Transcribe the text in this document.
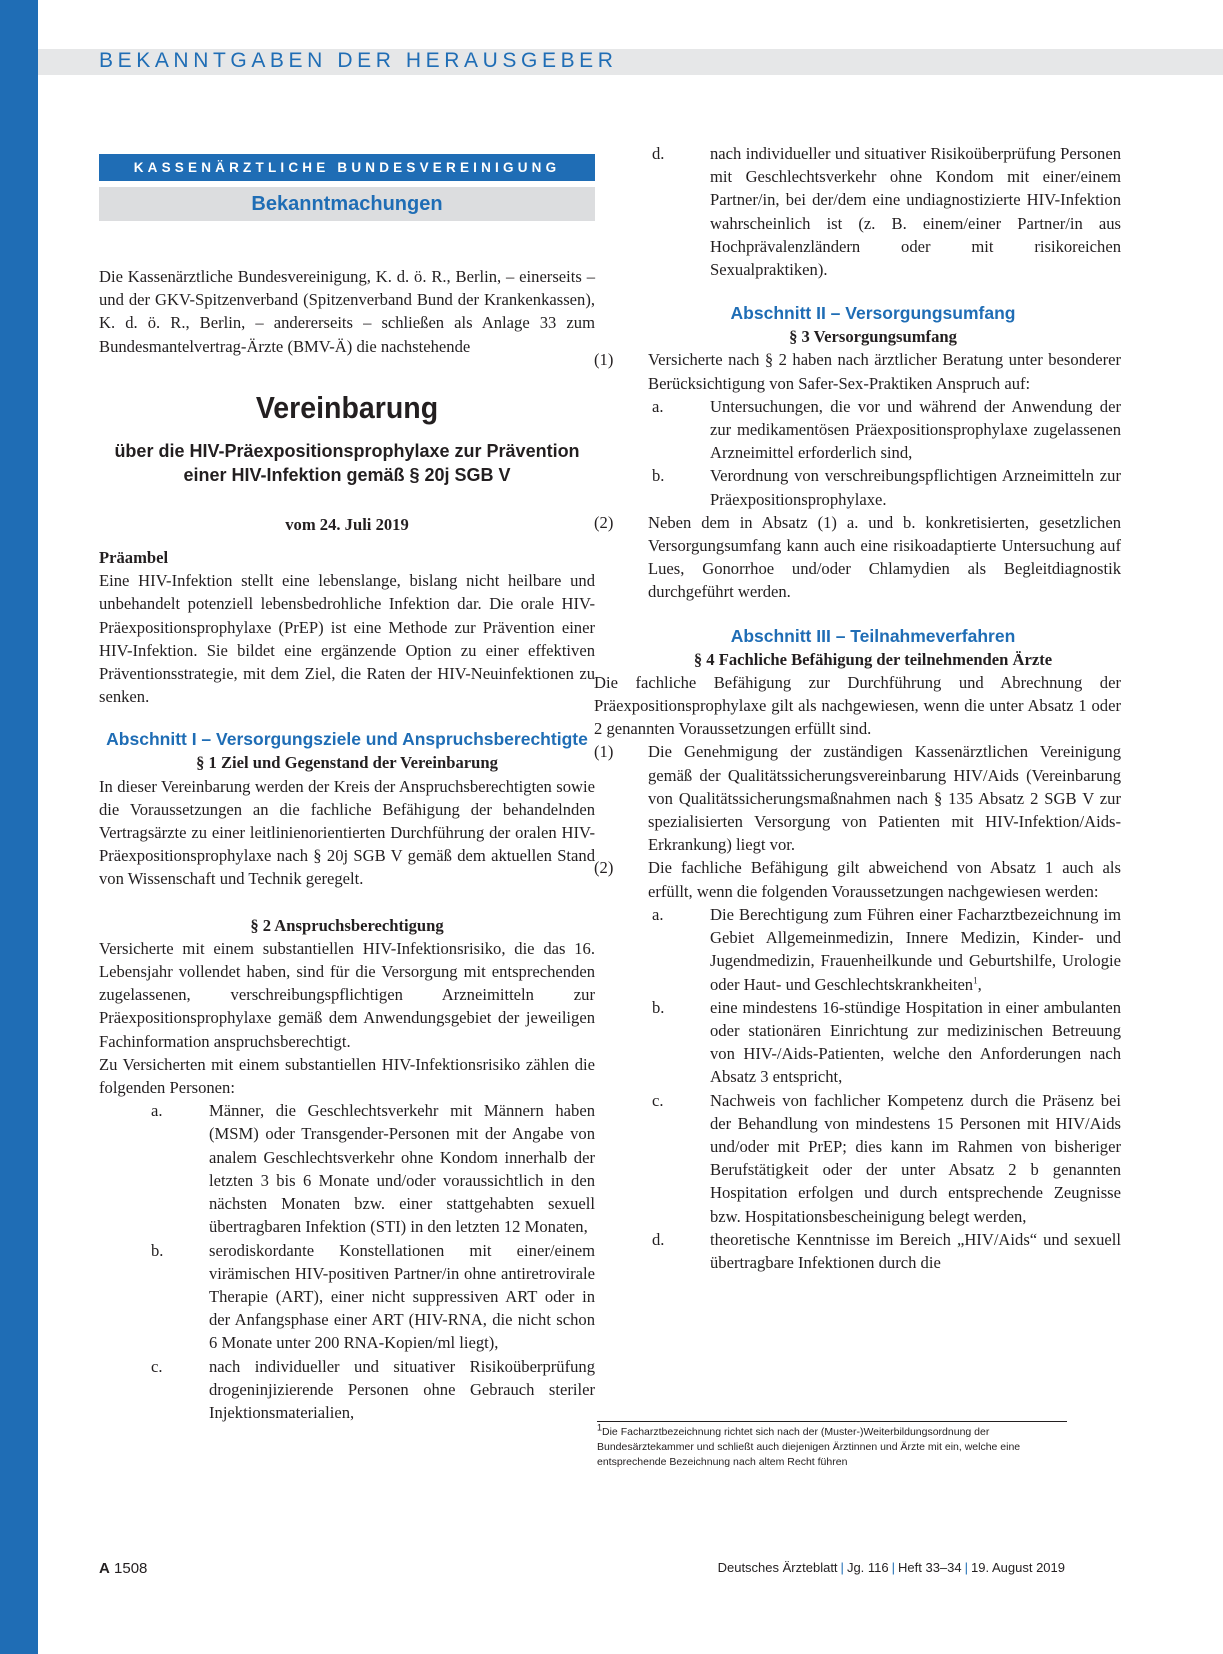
BEKANNTGABEN DER HERAUSGEBER
KASSENÄRZTLICHE BUNDESVEREINIGUNG
Bekanntmachungen

Die Kassenärztliche Bundesvereinigung, K. d. ö. R., Berlin, – einerseits – und der GKV-Spitzenverband (Spitzenverband Bund der Krankenkassen), K. d. ö. R., Berlin, – andererseits – schließen als Anlage 33 zum Bundesmantelvertrag-Ärzte (BMV-Ä) die nachstehende

Vereinbarung
über die HIV-Präexpositionsprophylaxe zur Prävention
einer HIV-Infektion gemäß § 20j SGB V
vom 24. Juli 2019
Präambel

Eine HIV-Infektion stellt eine lebenslange, bislang nicht heilbare und unbehandelt potenziell lebensbedrohliche Infektion dar. Die orale HIV-Präexpositionsprophylaxe (PrEP) ist eine Methode zur Prävention einer HIV-Infektion. Sie bildet eine ergänzende Option zu einer effektiven Präventionsstrategie, mit dem Ziel, die Raten der HIV-Neuinfektionen zu senken.

Abschnitt I – Versorgungsziele und Anspruchsberechtigte
§ 1 Ziel und Gegenstand der Vereinbarung

In dieser Vereinbarung werden der Kreis der Anspruchsberechtigten sowie die Voraussetzungen an die fachliche Befähigung der behandelnden Vertragsärzte zu einer leitlinienorientierten Durchführung der oralen HIV-Präexpositionsprophylaxe nach § 20j SGB V gemäß dem aktuellen Stand von Wissenschaft und Technik geregelt.

§ 2 Anspruchsberechtigung

Versicherte mit einem substantiellen HIV-Infektionsrisiko, die das 16. Lebensjahr vollendet haben, sind für die Versorgung mit entsprechenden zugelassenen, verschreibungspflichtigen Arzneimitteln zur Präexpositionsprophylaxe gemäß dem Anwendungsgebiet der jeweiligen Fachinformation anspruchsberechtigt.

Zu Versicherten mit einem substantiellen HIV-Infektionsrisiko zählen die folgenden Personen:

a.	Männer, die Geschlechtsverkehr mit Männern haben (MSM) oder Transgender-Personen mit der Angabe von analem Geschlechtsverkehr ohne Kondom innerhalb der letzten 3 bis 6 Monate und/oder voraussichtlich in den nächsten Monaten bzw. einer stattgehabten sexuell übertragbaren Infektion (STI) in den letzten 12 Monaten,
b.	serodiskordante Konstellationen mit einer/einem virämischen HIV-positiven Partner/in ohne antiretrovirale Therapie (ART), einer nicht suppressiven ART oder in der Anfangsphase einer ART (HIV-RNA, die nicht schon 6 Monate unter 200 RNA-Kopien/ml liegt),
c.	nach individueller und situativer Risikoüberprüfung drogeninjizierende Personen ohne Gebrauch steriler Injektionsmaterialien,
d.	nach individueller und situativer Risikoüberprüfung Personen mit Geschlechtsverkehr ohne Kondom mit einer/einem Partner/in, bei der/dem eine undiagnostizierte HIV-Infektion wahrscheinlich ist (z. B. einem/einer Partner/in aus Hochprävalenzländern oder mit risikoreichen Sexualpraktiken).
Abschnitt II – Versorgungsumfang
§ 3 Versorgungsumfang
(1)	Versicherte nach § 2 haben nach ärztlicher Beratung unter besonderer Berücksichtigung von Safer-Sex-Praktiken Anspruch auf:
a.	Untersuchungen, die vor und während der Anwendung der zur medikamentösen Präexpositionsprophylaxe zugelassenen Arzneimittel erforderlich sind,
b.	Verordnung von verschreibungspflichtigen Arzneimitteln zur Präexpositionsprophylaxe.
(2)	Neben dem in Absatz (1) a. und b. konkretisierten, gesetzlichen Versorgungsumfang kann auch eine risikoadaptierte Untersuchung auf Lues, Gonorrhoe und/oder Chlamydien als Begleitdiagnostik durchgeführt werden.
Abschnitt III – Teilnahmeverfahren
§ 4 Fachliche Befähigung der teilnehmenden Ärzte

Die fachliche Befähigung zur Durchführung und Abrechnung der Präexpositionsprophylaxe gilt als nachgewiesen, wenn die unter Absatz 1 oder 2 genannten Voraussetzungen erfüllt sind.

(1)	Die Genehmigung der zuständigen Kassenärztlichen Vereinigung gemäß der Qualitätssicherungsvereinbarung HIV/Aids (Vereinbarung von Qualitätssicherungsmaßnahmen nach § 135 Absatz 2 SGB V zur spezialisierten Versorgung von Patienten mit HIV-Infektion/Aids-Erkrankung) liegt vor.
(2)	Die fachliche Befähigung gilt abweichend von Absatz 1 auch als erfüllt, wenn die folgenden Voraussetzungen nachgewiesen werden:
a.	Die Berechtigung zum Führen einer Facharztbezeichnung im Gebiet Allgemeinmedizin, Innere Medizin, Kinder- und Jugendmedizin, Frauenheilkunde und Geburtshilfe, Urologie oder Haut- und Geschlechtskrankheiten$^1$,
b.	eine mindestens 16-stündige Hospitation in einer ambulanten oder stationären Einrichtung zur medizinischen Betreuung von HIV-/Aids-Patienten, welche den Anforderungen nach Absatz 3 entspricht,
c.	Nachweis von fachlicher Kompetenz durch die Präsenz bei der Behandlung von mindestens 15 Personen mit HIV/Aids und/oder mit PrEP; dies kann im Rahmen von bisheriger Berufstätigkeit oder der unter Absatz 2 b genannten Hospitation erfolgen und durch entsprechende Zeugnisse bzw. Hospitationsbescheinigung belegt werden,
d.	theoretische Kenntnisse im Bereich „HIV/Aids“ und sexuell übertragbare Infektionen durch die
$^1$Die Facharztbezeichnung richtet sich nach der (Muster-)Weiterbildungsordnung der Bundesärztekammer und schließt auch diejenigen Ärztinnen und Ärzte mit ein, welche eine entsprechende Bezeichnung nach altem Recht führen
A 1508	Deutsches Ärzteblatt | Jg. 116 | Heft 33–34 | 19. August 2019
